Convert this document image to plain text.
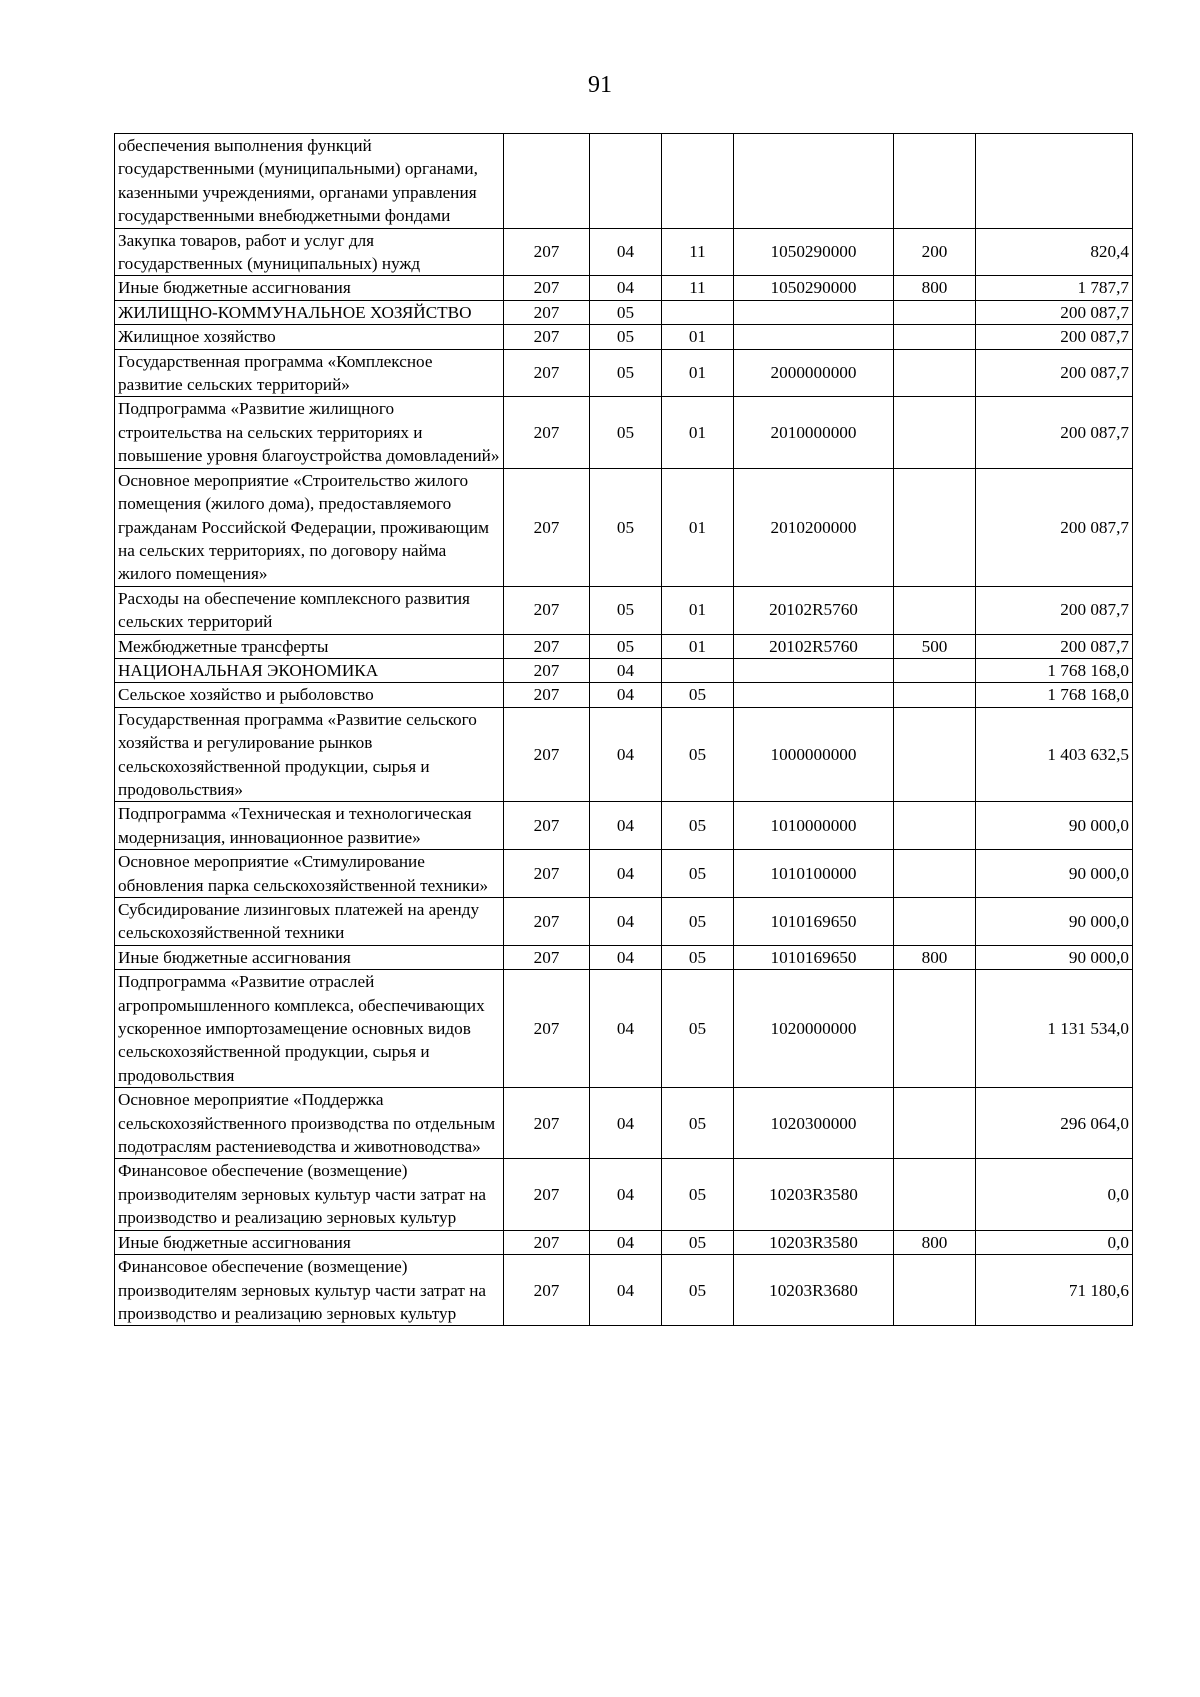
91
обеспечения выполнения функций государственными (муниципальными) органами, казенными учреждениями, органами управления государственными внебюджетными фондами						
Закупка товаров, работ и услуг для государственных (муниципальных) нужд	207	04	11	1050290000	200	820,4
Иные бюджетные ассигнования	207	04	11	1050290000	800	1 787,7
ЖИЛИЩНО-КОММУНАЛЬНОЕ ХОЗЯЙСТВО	207	05				200 087,7
Жилищное хозяйство	207	05	01			200 087,7
Государственная программа «Комплексное развитие сельских территорий»	207	05	01	2000000000		200 087,7
Подпрограмма «Развитие жилищного строительства на сельских территориях и повышение уровня благоустройства домовладений»	207	05	01	2010000000		200 087,7
Основное мероприятие «Строительство жилого помещения (жилого дома), предоставляемого гражданам Российской Федерации, проживающим на сельских территориях, по договору найма жилого помещения»	207	05	01	2010200000		200 087,7
Расходы на обеспечение комплексного развития сельских территорий	207	05	01	20102R5760		200 087,7
Межбюджетные трансферты	207	05	01	20102R5760	500	200 087,7
НАЦИОНАЛЬНАЯ ЭКОНОМИКА	207	04				1 768 168,0
Сельское хозяйство и рыболовство	207	04	05			1 768 168,0
Государственная программа «Развитие сельского хозяйства и регулирование рынков сельскохозяйственной продукции, сырья и продовольствия»	207	04	05	1000000000		1 403 632,5
Подпрограмма «Техническая и технологическая модернизация, инновационное развитие»	207	04	05	1010000000		90 000,0
Основное мероприятие «Стимулирование обновления парка сельскохозяйственной техники»	207	04	05	1010100000		90 000,0
Субсидирование лизинговых платежей на аренду сельскохозяйственной техники	207	04	05	1010169650		90 000,0
Иные бюджетные ассигнования	207	04	05	1010169650	800	90 000,0
Подпрограмма «Развитие отраслей агропромышленного комплекса, обеспечивающих ускоренное импортозамещение основных видов сельскохозяйственной продукции, сырья и продовольствия	207	04	05	1020000000		1 131 534,0
Основное мероприятие «Поддержка сельскохозяйственного производства по отдельным подотраслям растениеводства и животноводства»	207	04	05	1020300000		296 064,0
Финансовое обеспечение (возмещение) производителям зерновых культур части затрат на производство и реализацию зерновых культур	207	04	05	10203R3580		0,0
Иные бюджетные ассигнования	207	04	05	10203R3580	800	0,0
Финансовое обеспечение (возмещение) производителям зерновых культур части затрат на производство и реализацию зерновых культур	207	04	05	10203R3680		71 180,6
